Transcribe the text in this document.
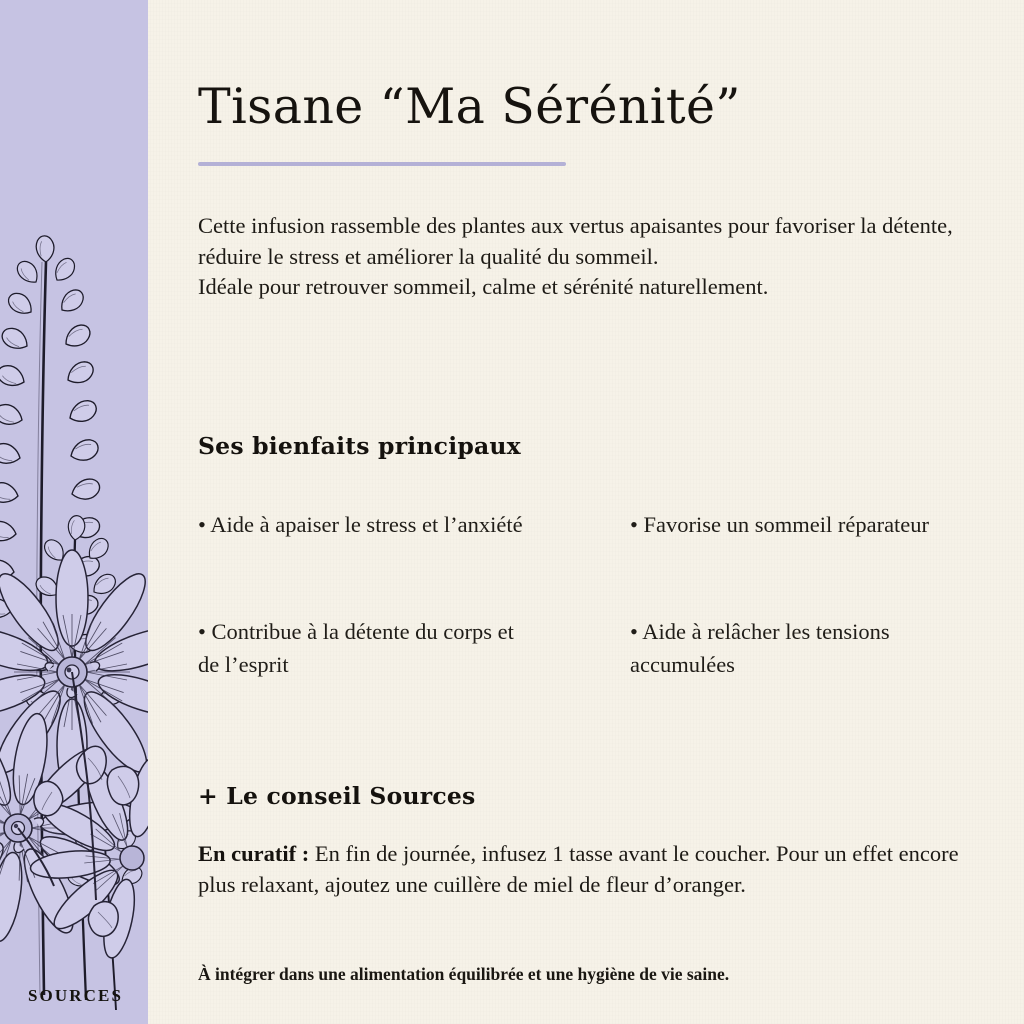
SOURCES
Tisane “Ma Sérénité”

Cette infusion rassemble des plantes aux vertus apaisantes pour favoriser la détente, réduire le stress et améliorer la qualité du sommeil.

Idéale pour retrouver sommeil, calme et sérénité naturellement.

Ses bienfaits principaux
• Aide à apaiser le stress et l’anxiété	• Favorise un sommeil réparateur
• Contribue à la détente du corps et de l’esprit
• Aide à relâcher les tensions accumulées
+ Le conseil Sources
En curatif : En fin de journée, infusez 1 tasse avant le coucher. Pour un effet encore plus relaxant, ajoutez une cuillère de miel de fleur d’oranger.
À intégrer dans une alimentation équilibrée et une hygiène de vie saine.
